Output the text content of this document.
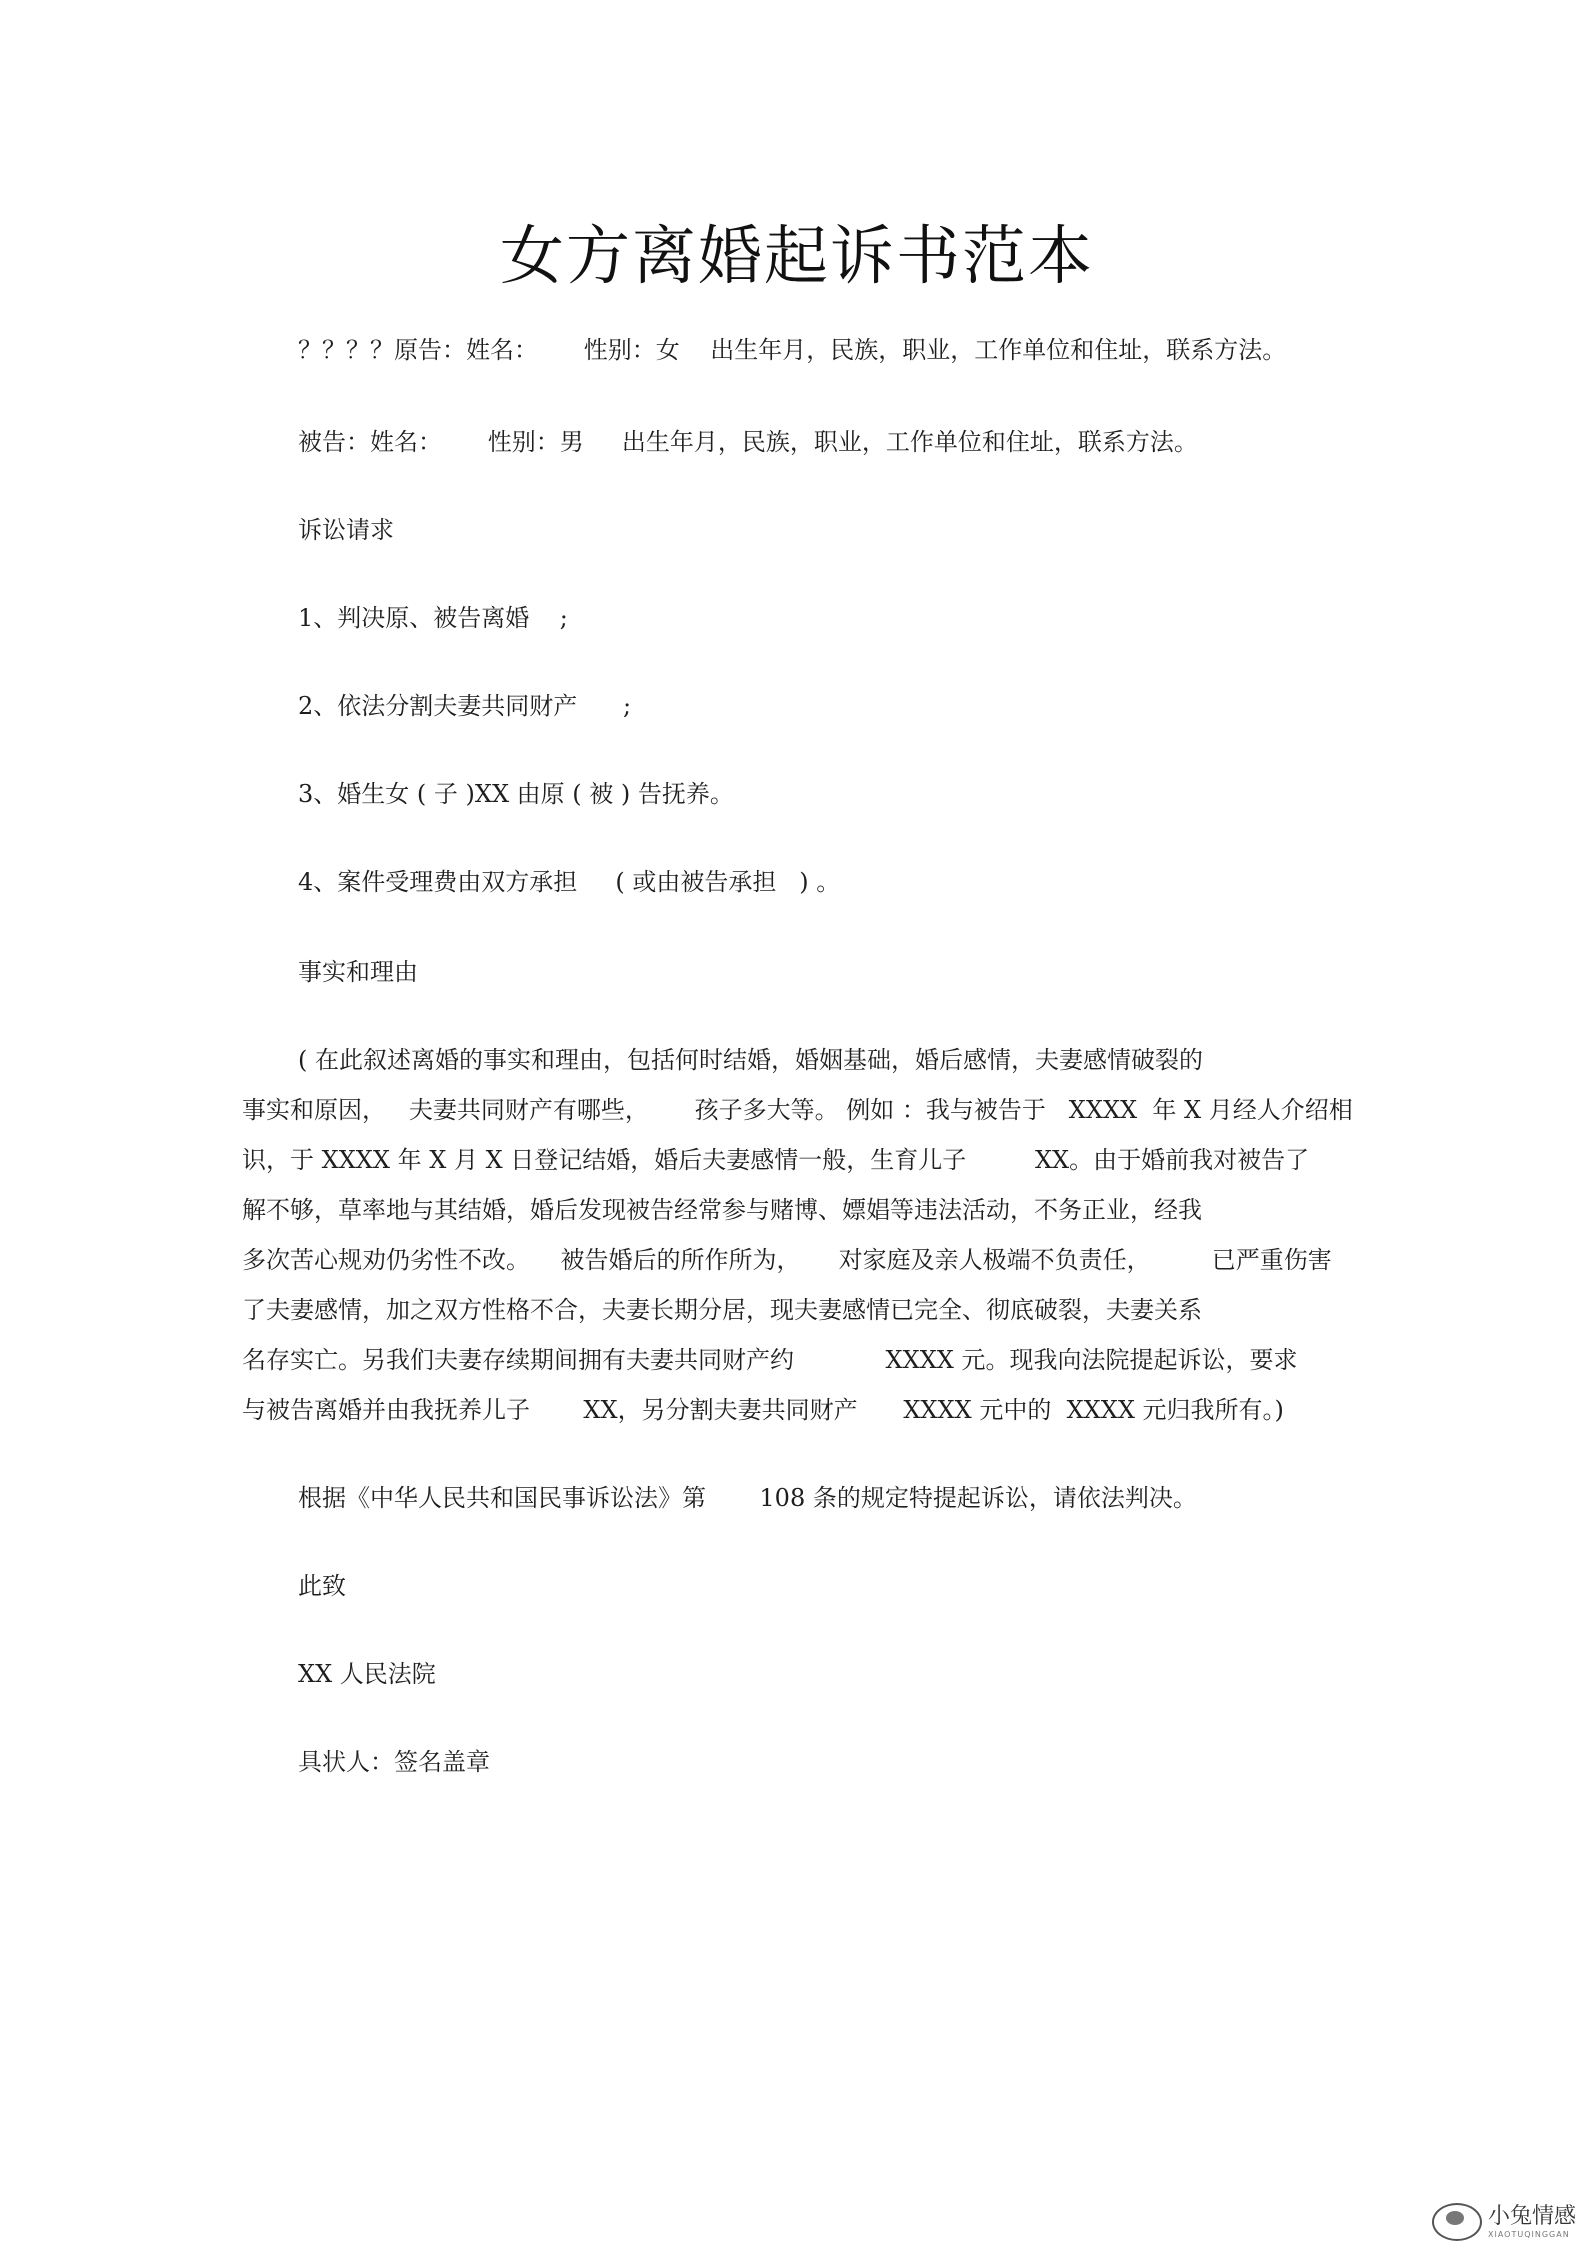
女方离婚起诉书范本
？？？？原告：姓名：      性别：女    出生年月，民族，职业，工作单位和住址，联系方法。
被告：姓名：      性别：男     出生年月，民族，职业，工作单位和住址，联系方法。
诉讼请求
1、判决原、被告离婚    ;
2、依法分割夫妻共同财产      ;
3、婚生女 ( 子 )XX 由原 ( 被 ) 告抚养。
4、案件受理费由双方承担     ( 或由被告承担   ) 。
事实和理由
( 在此叙述离婚的事实和理由，包括何时结婚，婚姻基础，婚后感情，夫妻感情破裂的
事实和原因，   夫妻共同财产有哪些，      孩子多大等。 例如 ：我与被告于   XXXX  年 X 月经人介绍相
识，于 XXXX 年 X 月 X 日登记结婚，婚后夫妻感情一般，生育儿子         XX。由于婚前我对被告了
解不够，草率地与其结婚，婚后发现被告经常参与赌博、嫖娼等违法活动，不务正业，经我
多次苦心规劝仍劣性不改。    被告婚后的所作所为，     对家庭及亲人极端不负责任，        已严重伤害
了夫妻感情，加之双方性格不合，夫妻长期分居，现夫妻感情已完全、彻底破裂，夫妻关系
名存实亡。另我们夫妻存续期间拥有夫妻共同财产约            XXXX 元。现我向法院提起诉讼，要求
与被告离婚并由我抚养儿子       XX，另分割夫妻共同财产      XXXX 元中的  XXXX 元归我所有。)
根据《中华人民共和国民事诉讼法》第       108 条的规定特提起诉讼，请依法判决。
此致
XX 人民法院
具状人：签名盖章
小兔情感
XIAOTUQINGGAN
